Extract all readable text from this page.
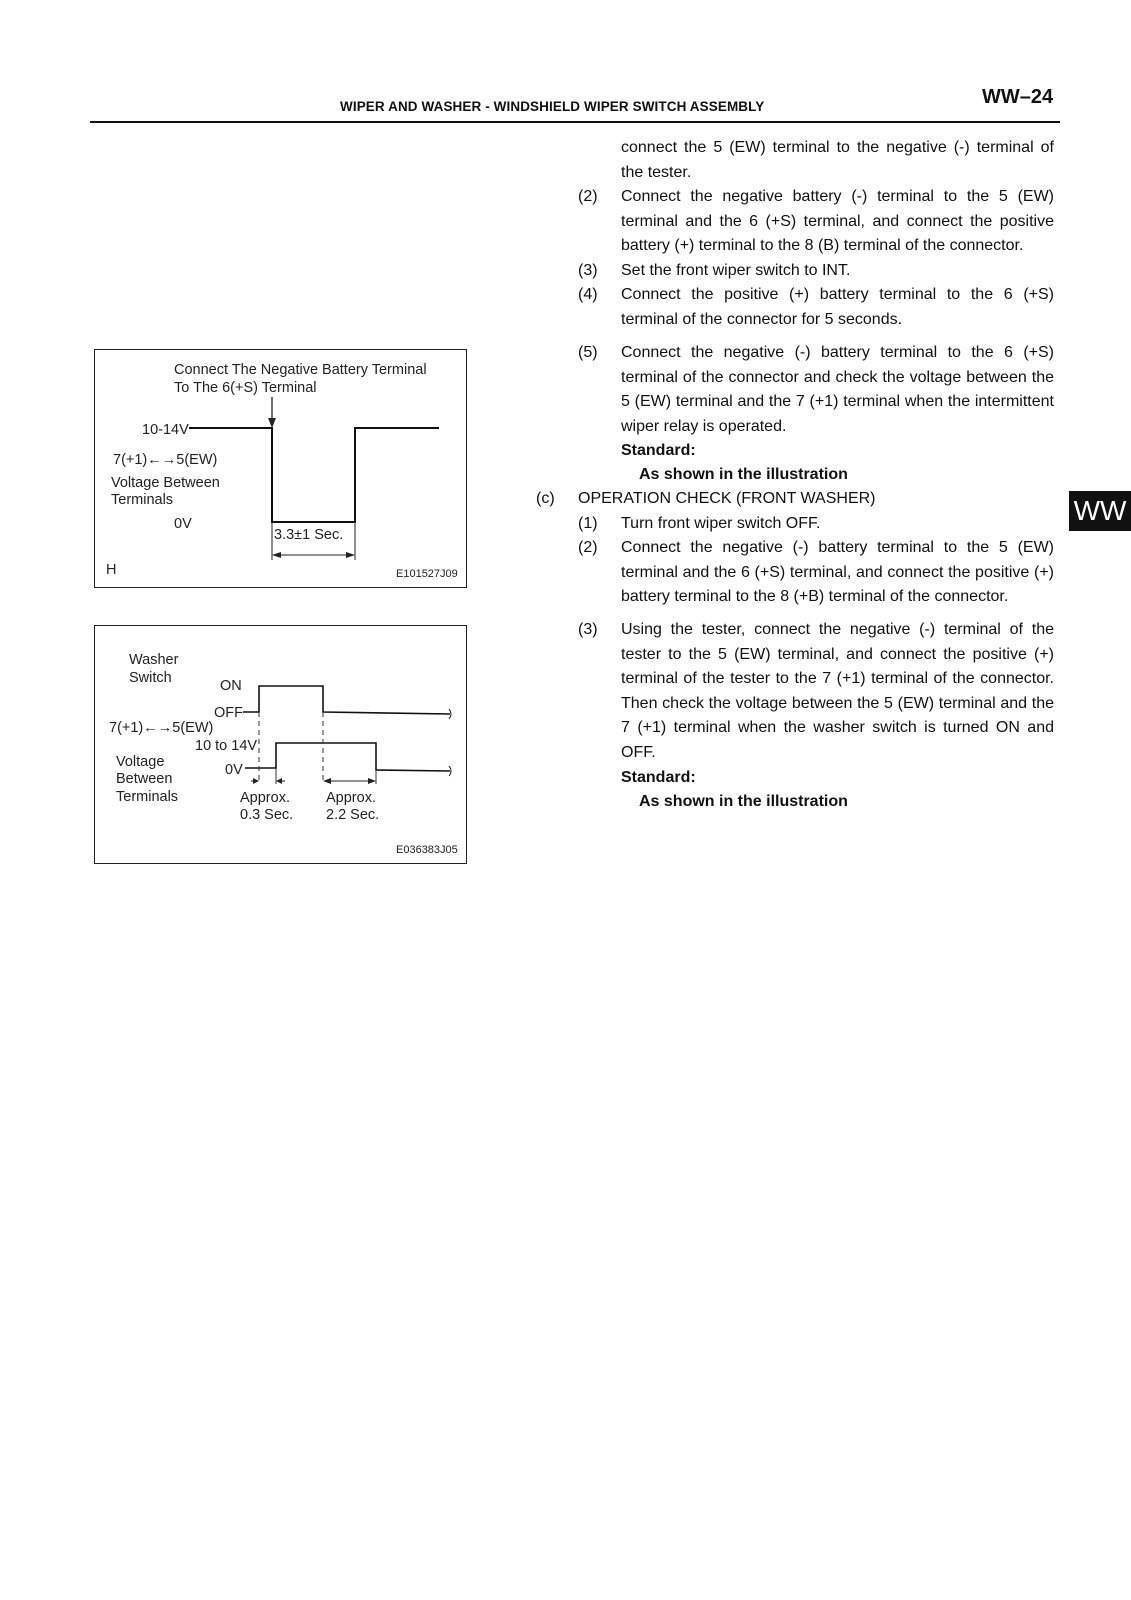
WIPER AND WASHER - WINDSHIELD WIPER SWITCH ASSEMBLY	WW–24
WW
Connect The Negative Battery Terminal
To The 6(+S) Terminal
10-14V
7(+1)←→5(EW)
Voltage Between
Terminals
0V
3.3±1 Sec.
H	E101527J09
Washer
Switch	ON
OFF
7(+1)←→5(EW)
10 to 14V
Voltage
Between
Terminals
0V
Approx.
0.3 Sec.
Approx.
2.2 Sec.
E036383J05
connect the 5 (EW) terminal to the negative (-) terminal of the tester.
(2) Connect the negative battery (-) terminal to the 5 (EW) terminal and the 6 (+S) terminal, and connect the positive battery (+) terminal to the 8 (B) terminal of the connector.
(3) Set the front wiper switch to INT.
(4) Connect the positive (+) battery terminal to the 6 (+S) terminal of the connector for 5 seconds.
(5) Connect the negative (-) battery terminal to the 6 (+S) terminal of the connector and check the voltage between the 5 (EW) terminal and the 7 (+1) terminal when the intermittent wiper relay is operated.
Standard:
As shown in the illustration
(c) OPERATION CHECK (FRONT WASHER)
(1) Turn front wiper switch OFF.
(2) Connect the negative (-) battery terminal to the 5 (EW) terminal and the 6 (+S) terminal, and connect the positive (+) battery terminal to the 8 (+B) terminal of the connector.
(3) Using the tester, connect the negative (-) terminal of the tester to the 5 (EW) terminal, and connect the positive (+) terminal of the tester to the 7 (+1) terminal of the connector. Then check the voltage between the 5 (EW) terminal and the 7 (+1) terminal when the washer switch is turned ON and OFF.
Standard:
As shown in the illustration
